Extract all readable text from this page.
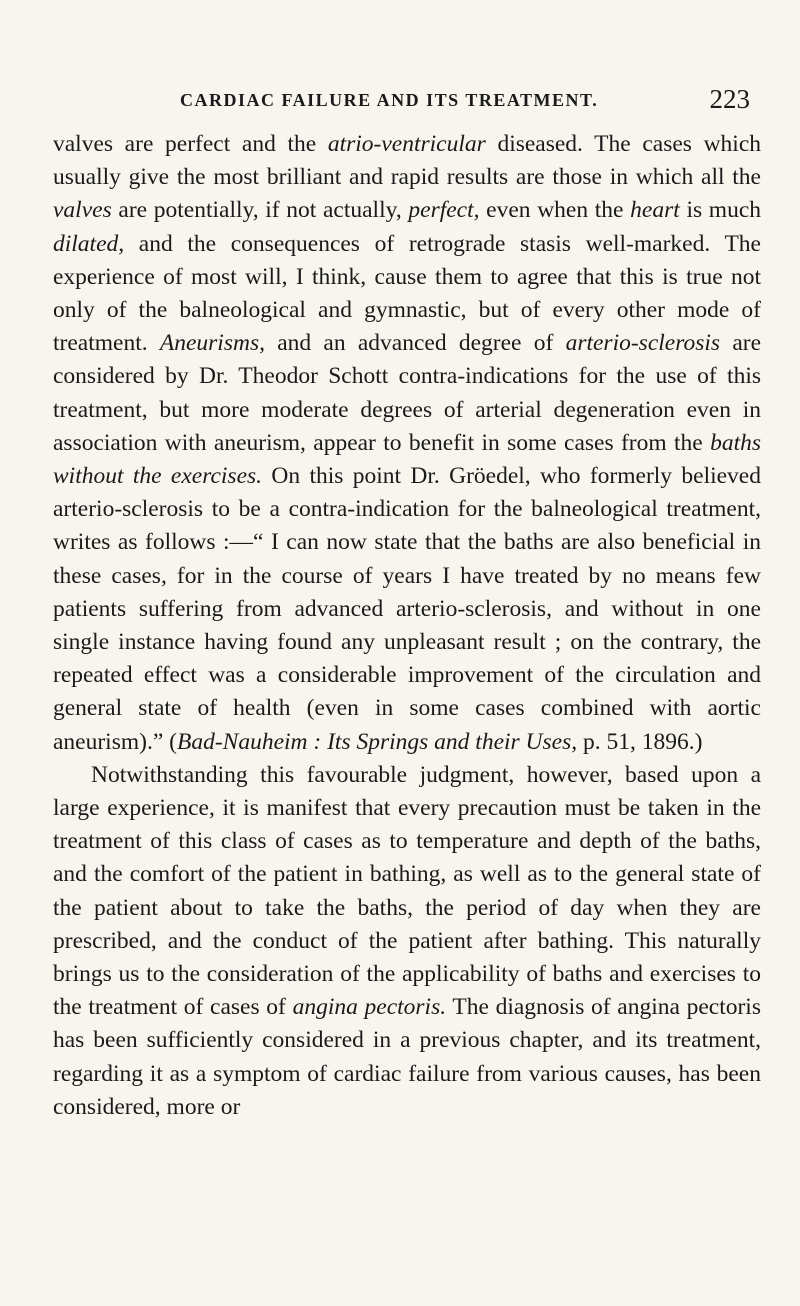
CARDIAC FAILURE AND ITS TREATMENT.	223

valves are perfect and the atrio-ventricular diseased. The cases which usually give the most brilliant and rapid results are those in which all the valves are potentially, if not actually, perfect, even when the heart is much dilated, and the consequences of retrograde stasis well-marked. The experience of most will, I think, cause them to agree that this is true not only of the balneological and gymnastic, but of every other mode of treatment. Aneurisms, and an advanced degree of arterio-sclerosis are considered by Dr. Theodor Schott contra-indications for the use of this treatment, but more moderate degrees of arterial degeneration even in association with aneurism, appear to benefit in some cases from the baths without the exercises. On this point Dr. Gröedel, who formerly believed arterio-sclerosis to be a contra-indication for the balneological treatment, writes as follows :—“ I can now state that the baths are also beneficial in these cases, for in the course of years I have treated by no means few patients suffering from advanced arterio-sclerosis, and without in one single instance having found any unpleasant result ; on the contrary, the repeated effect was a considerable improvement of the circulation and general state of health (even in some cases combined with aortic aneurism).” (Bad-Nauheim : Its Springs and their Uses, p. 51, 1896.)

Notwithstanding this favourable judgment, however, based upon a large experience, it is manifest that every precaution must be taken in the treatment of this class of cases as to temperature and depth of the baths, and the comfort of the patient in bathing, as well as to the general state of the patient about to take the baths, the period of day when they are prescribed, and the conduct of the patient after bathing. This naturally brings us to the consideration of the applicability of baths and exercises to the treatment of cases of angina pectoris. The diagnosis of angina pectoris has been sufficiently considered in a previous chapter, and its treatment, regarding it as a symptom of cardiac failure from various causes, has been considered, more or
